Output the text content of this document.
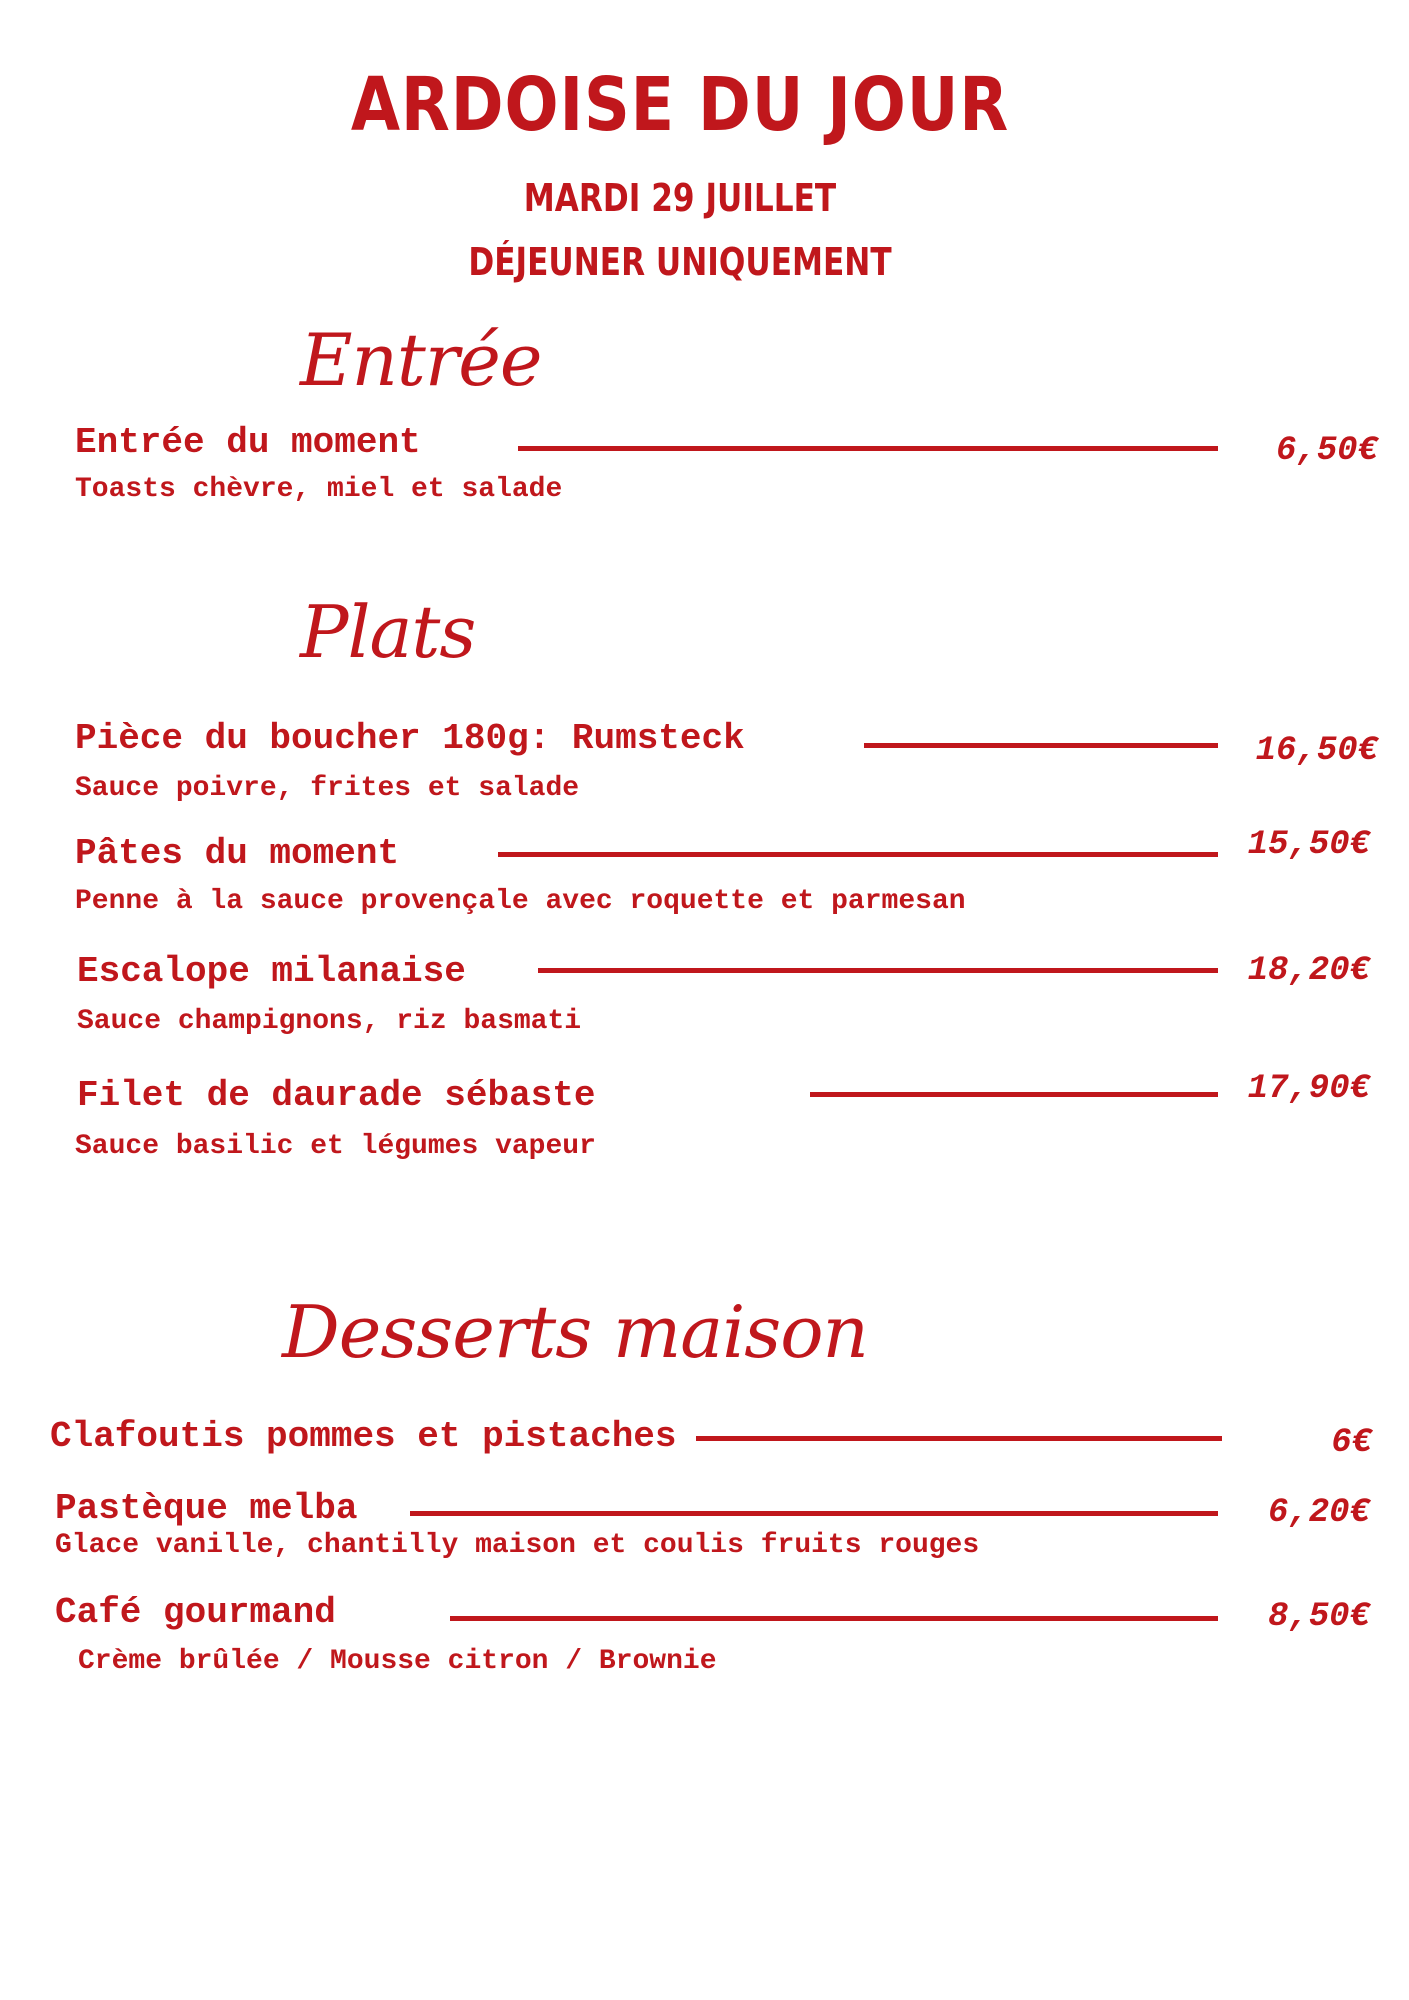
ARDOISE DU JOUR
MARDI 29 JUILLET
DÉJEUNER UNIQUEMENT
Entrée
Entrée du moment	6,50€
Toasts chèvre, miel et salade
Plats
Pièce du boucher 180g: Rumsteck	16,50€
Sauce poivre, frites et salade
Pâtes du moment	15,50€
Penne à la sauce provençale avec roquette et parmesan
Escalope milanaise	18,20€
Sauce champignons, riz basmati
Filet de daurade sébaste	17,90€
Sauce basilic et légumes vapeur
Desserts maison
Clafoutis pommes et pistaches	6€
Pastèque melba	6,20€
Glace vanille, chantilly maison et coulis fruits rouges
Café gourmand	8,50€
Crème brûlée / Mousse citron / Brownie
